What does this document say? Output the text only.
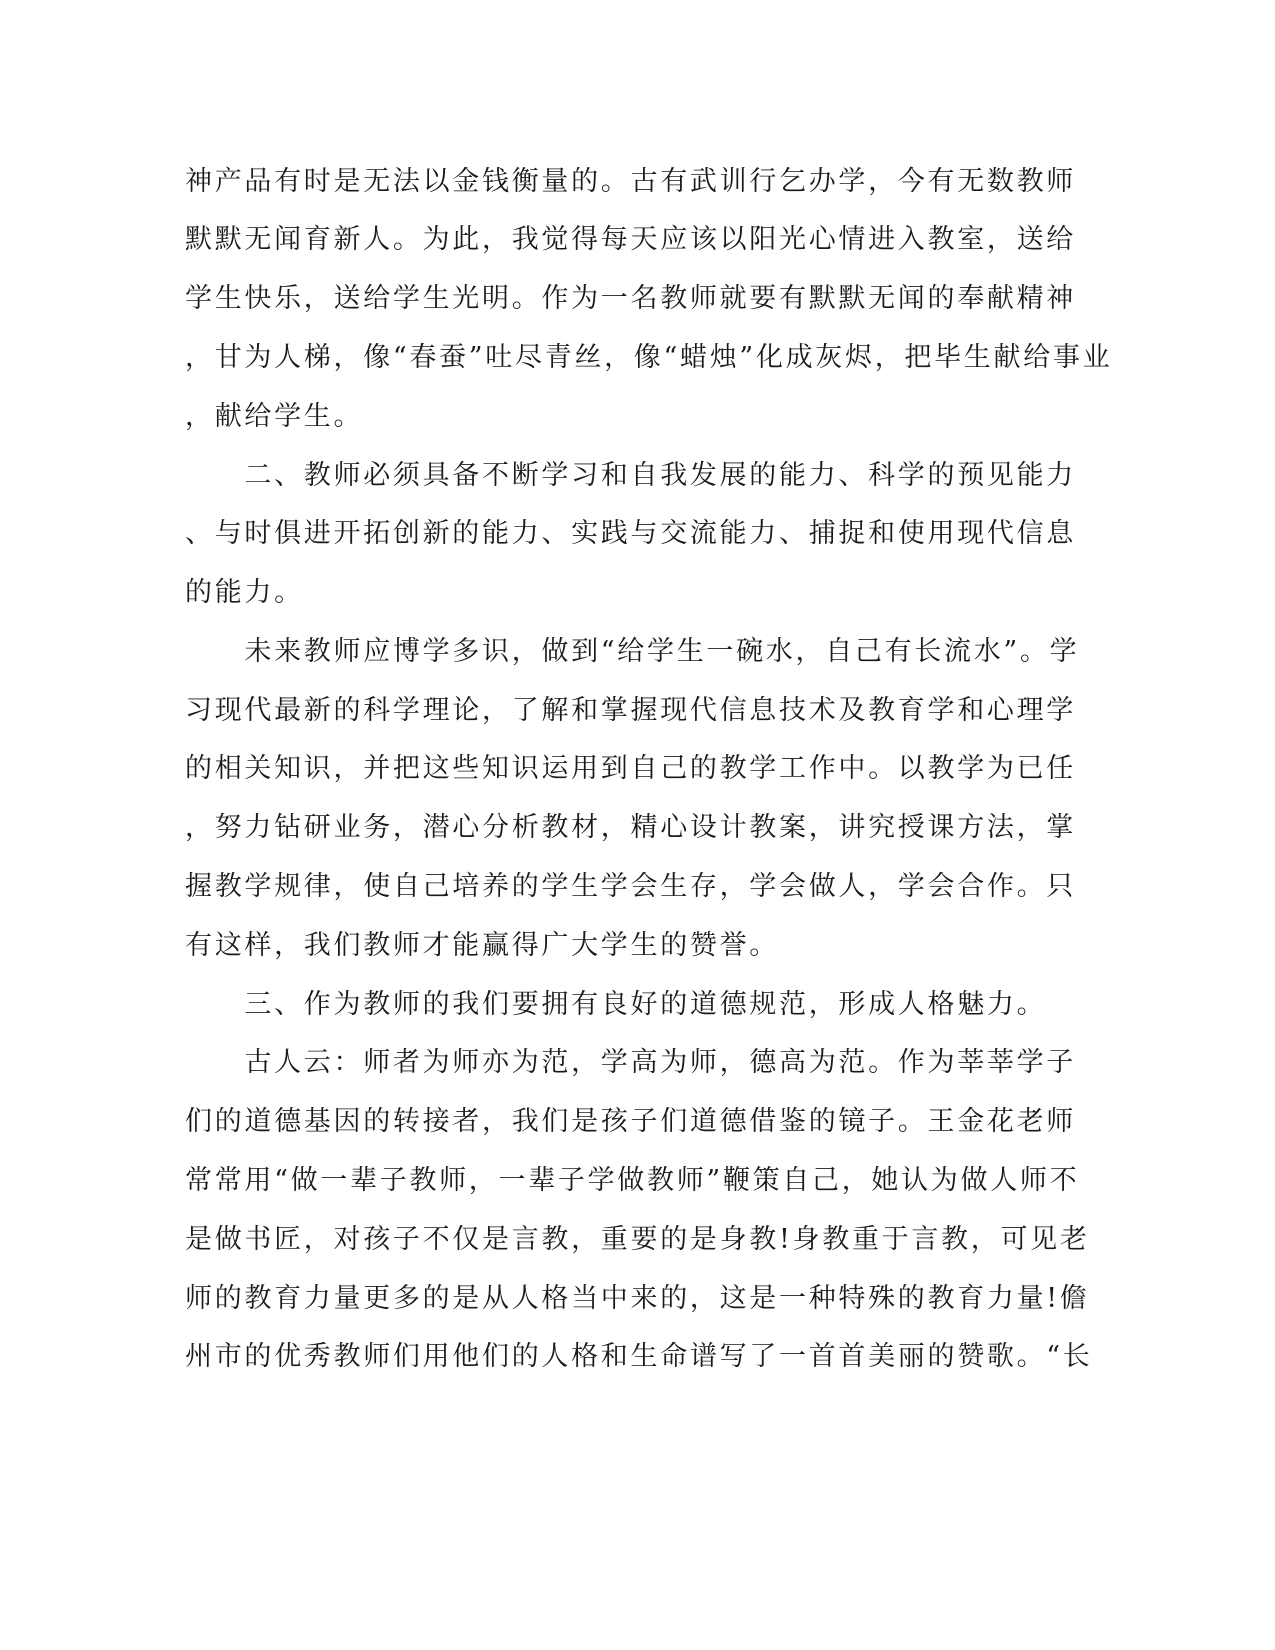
神产品有时是无法以金钱衡量的。古有武训行乞办学，今有无数教师
默默无闻育新人。为此，我觉得每天应该以阳光心情进入教室，送给
学生快乐，送给学生光明。作为一名教师就要有默默无闻的奉献精神
，甘为人梯，像“春蚕”吐尽青丝，像“蜡烛”化成灰烬，把毕生献给事业
，献给学生。
　　二、教师必须具备不断学习和自我发展的能力、科学的预见能力
、与时俱进开拓创新的能力、实践与交流能力、捕捉和使用现代信息
的能力。
　　未来教师应博学多识，做到“给学生一碗水，自己有长流水”。学
习现代最新的科学理论，了解和掌握现代信息技术及教育学和心理学
的相关知识，并把这些知识运用到自己的教学工作中。以教学为已任
，努力钻研业务，潜心分析教材，精心设计教案，讲究授课方法，掌
握教学规律，使自己培养的学生学会生存，学会做人，学会合作。只
有这样，我们教师才能赢得广大学生的赞誉。
　　三、作为教师的我们要拥有良好的道德规范，形成人格魅力。
　　古人云：师者为师亦为范，学高为师，德高为范。作为莘莘学子
们的道德基因的转接者，我们是孩子们道德借鉴的镜子。王金花老师
常常用“做一辈子教师，一辈子学做教师”鞭策自己，她认为做人师不
是做书匠，对孩子不仅是言教，重要的是身教!身教重于言教，可见老
师的教育力量更多的是从人格当中来的，这是一种特殊的教育力量!儋
州市的优秀教师们用他们的人格和生命谱写了一首首美丽的赞歌。“长
